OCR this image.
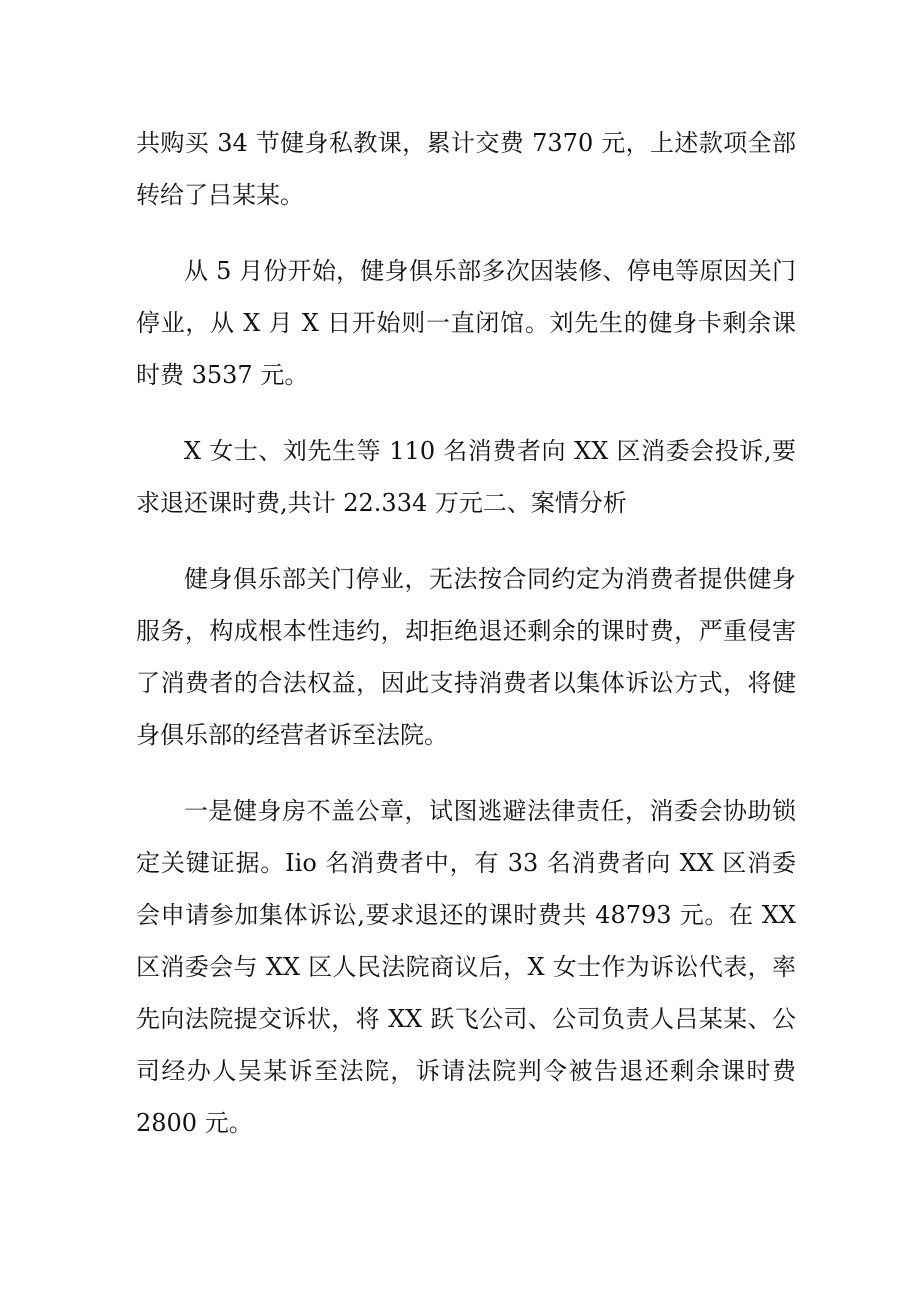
共购买 34 节健身私教课，累计交费 7370 元，上述款项全部转给了吕某某。

从 5 月份开始，健身俱乐部多次因装修、停电等原因关门停业，从 X 月 X 日开始则一直闭馆。刘先生的健身卡剩余课时费 3537 元。

X 女士、刘先生等 110 名消费者向 XX 区消委会投诉,要求退还课时费,共计 22.334 万元二、案情分析

健身俱乐部关门停业，无法按合同约定为消费者提供健身服务，构成根本性违约，却拒绝退还剩余的课时费，严重侵害了消费者的合法权益，因此支持消费者以集体诉讼方式，将健身俱乐部的经营者诉至法院。

一是健身房不盖公章，试图逃避法律责任，消委会协助锁定关键证据。Iio 名消费者中，有 33 名消费者向 XX 区消委会申请参加集体诉讼,要求退还的课时费共 48793 元。在 XX 区消委会与 XX 区人民法院商议后，X 女士作为诉讼代表，率先向法院提交诉状，将 XX 跃飞公司、公司负责人吕某某、公司经办人吴某诉至法院，诉请法院判令被告退还剩余课时费 2800 元。
